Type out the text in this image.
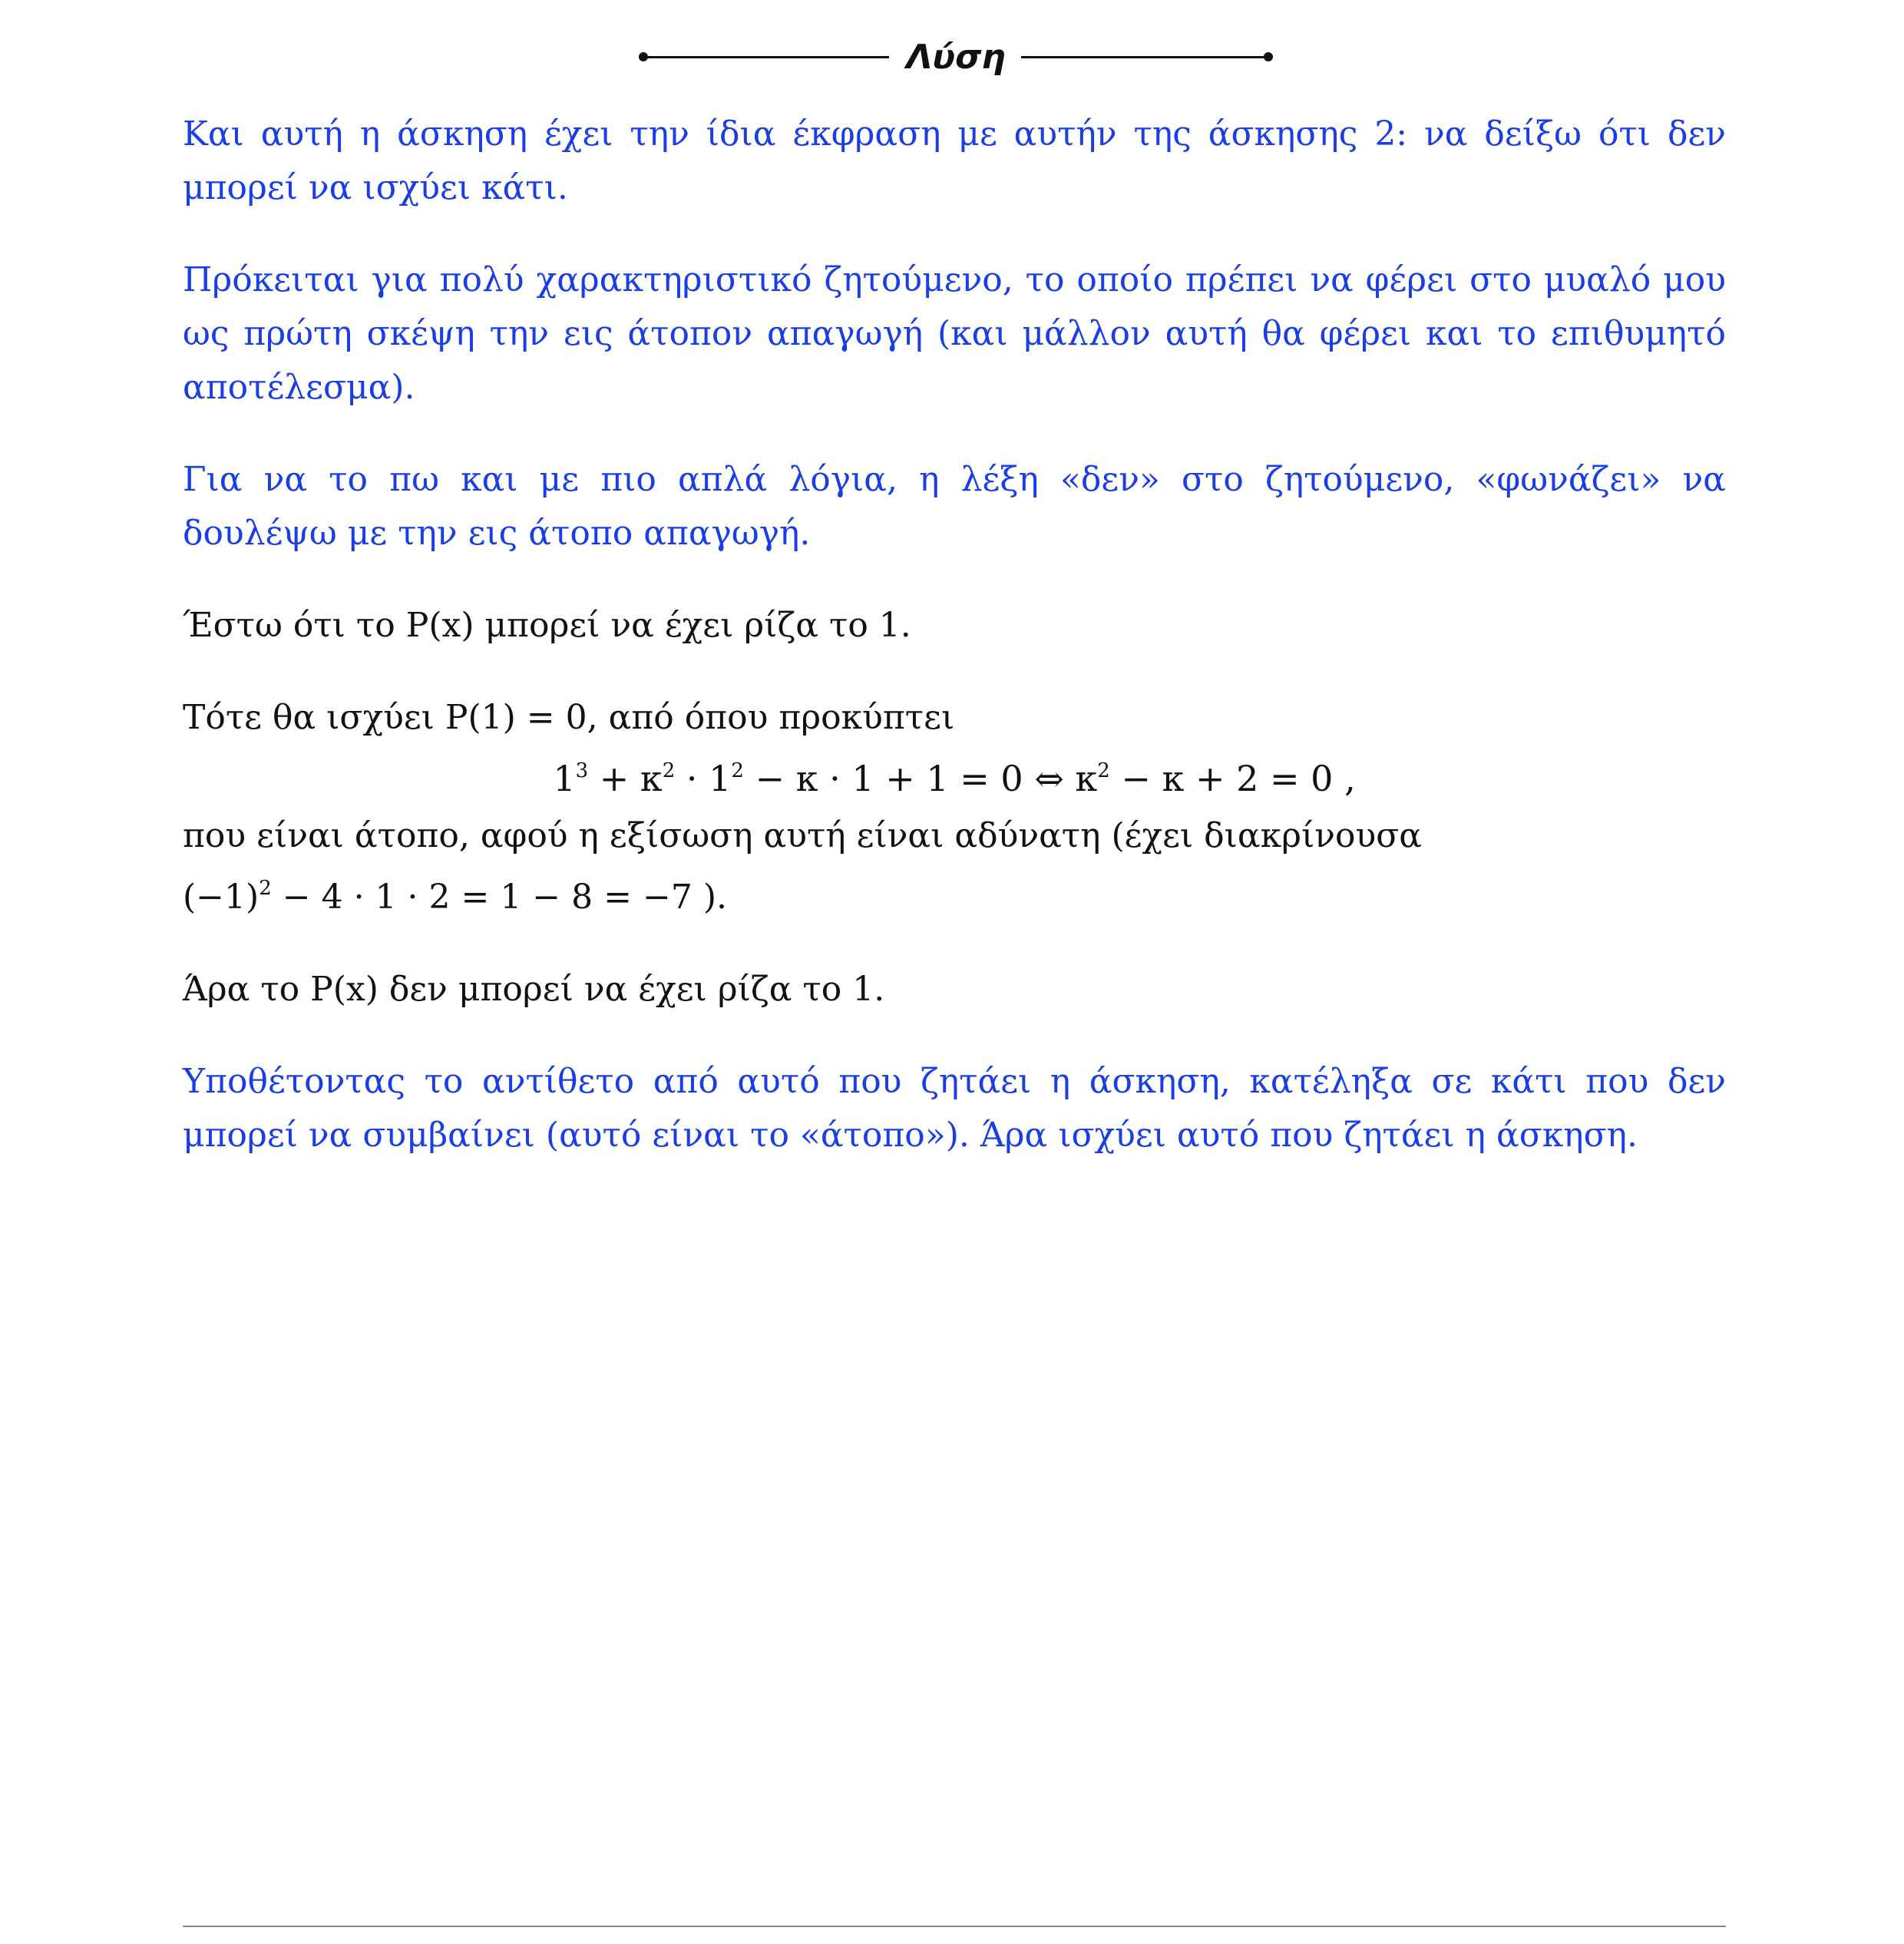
Λύση

Και αυτή η άσκηση έχει την ίδια έκφραση με αυτήν της άσκησης 2: να δείξω ότι δεν μπορεί να ισχύει κάτι.

Πρόκειται για πολύ χαρακτηριστικό ζητούμενο, το οποίο πρέπει να φέρει στο μυαλό μου ως πρώτη σκέψη την εις άτοπον απαγωγή (και μάλλον αυτή θα φέρει και το επιθυμητό αποτέλεσμα).

Για να το πω και με πιο απλά λόγια, η λέξη «δεν» στο ζητούμενο, «φωνάζει» να δουλέψω με την εις άτοπο απαγωγή.

Έστω ότι το P(x) μπορεί να έχει ρίζα το 1.

Τότε θα ισχύει P(1) = 0, από όπου προκύπτει

$1^3 + \kappa^2 \cdot 1^2 - \kappa \cdot 1 + 1 = 0$ ⇔ $\kappa^2 - \kappa + 2 = 0$ ,

που είναι άτοπο, αφού η εξίσωση αυτή είναι αδύνατη (έχει διακρίνουσα

$(-1)^2 - 4 \cdot 1 \cdot 2 = 1 - 8 = -7$ ).

Άρα το P(x) δεν μπορεί να έχει ρίζα το 1.

Υποθέτοντας το αντίθετο από αυτό που ζητάει η άσκηση, κατέληξα σε κάτι που δεν μπορεί να συμβαίνει (αυτό είναι το «άτοπο»). Άρα ισχύει αυτό που ζητάει η άσκηση.
